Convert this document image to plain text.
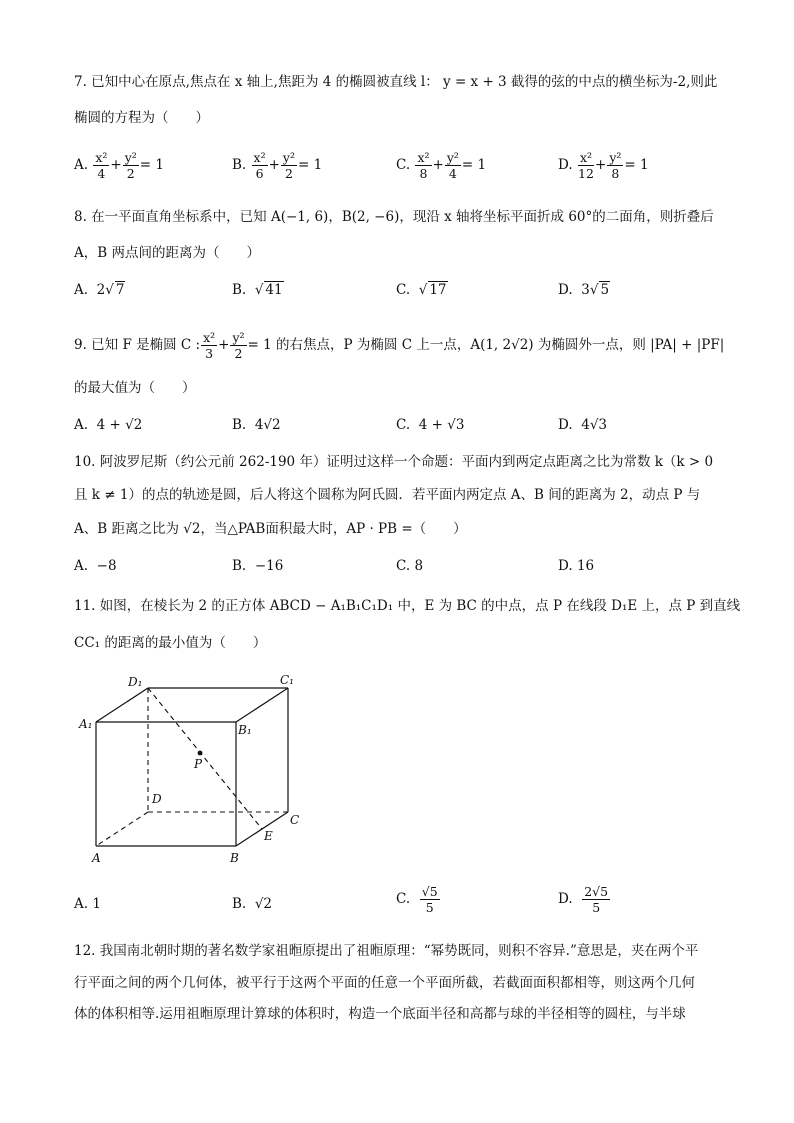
7. 已知中心在原点,焦点在 x 轴上,焦距为 4 的椭圆被直线 l： y = x + 3 截得的弦的中点的横坐标为-2,则此
椭圆的方程为（　　）
A. $\frac{\text{x²}}{4} + \frac{\text{y²}}{2} = 1$	B. $\frac{\text{x²}}{6} + \frac{\text{y²}}{2} = 1$	C. $\frac{\text{x²}}{8} + \frac{\text{y²}}{4} = 1$	D. $\frac{\text{x²}}{12} + \frac{\text{y²}}{8} = 1$
8. 在一平面直角坐标系中，已知 A(−1, 6)，B(2, −6)，现沿 x 轴将坐标平面折成 60°的二面角，则折叠后
A，B 两点间的距离为（　　）
A. 2√ 7	B. √ 41	C. √ 17	D. 3√ 5
9. 已知 F 是椭圆 C : $\frac{\text{x²}}{3} + \frac{\text{y²}}{2} = 1$ 的右焦点，P 为椭圆 C 上一点，A(1, 2√2) 为椭圆外一点，则 |PA| + |PF|
的最大值为（　　）
A. 4 + √2	B. 4√2	C. 4 + √3	D. 4√3
10. 阿波罗尼斯（约公元前 262-190 年）证明过这样一个命题：平面内到两定点距离之比为常数 k（k > 0
且 k ≠ 1）的点的轨迹是圆，后人将这个圆称为阿氏圆．若平面内两定点 A、B 间的距离为 2，动点 P 与
A、B 距离之比为 √2，当△PAB面积最大时，AP · PB =（　　）
A. −8	B. −16	C. 8	D. 16
11. 如图，在棱长为 2 的正方体 ABCD − A₁B₁C₁D₁ 中，E 为 BC 的中点，点 P 在线段 D₁E 上，点 P 到直线
CC₁ 的距离的最小值为（　　）
D₁	C₁
A₁	B₁
P
D
C
E
A	B
A. 1	B. √2	C. $\frac{√5}{5}$	D. $\frac{2√5}{5}$
12. 我国南北朝时期的著名数学家祖暅原提出了祖暅原理：“幂势既同，则积不容异.”意思是，夹在两个平
行平面之间的两个几何体，被平行于这两个平面的任意一个平面所截，若截面面积都相等，则这两个几何
体的体积相等.运用祖暅原理计算球的体积时，构造一个底面半径和高都与球的半径相等的圆柱，与半球
